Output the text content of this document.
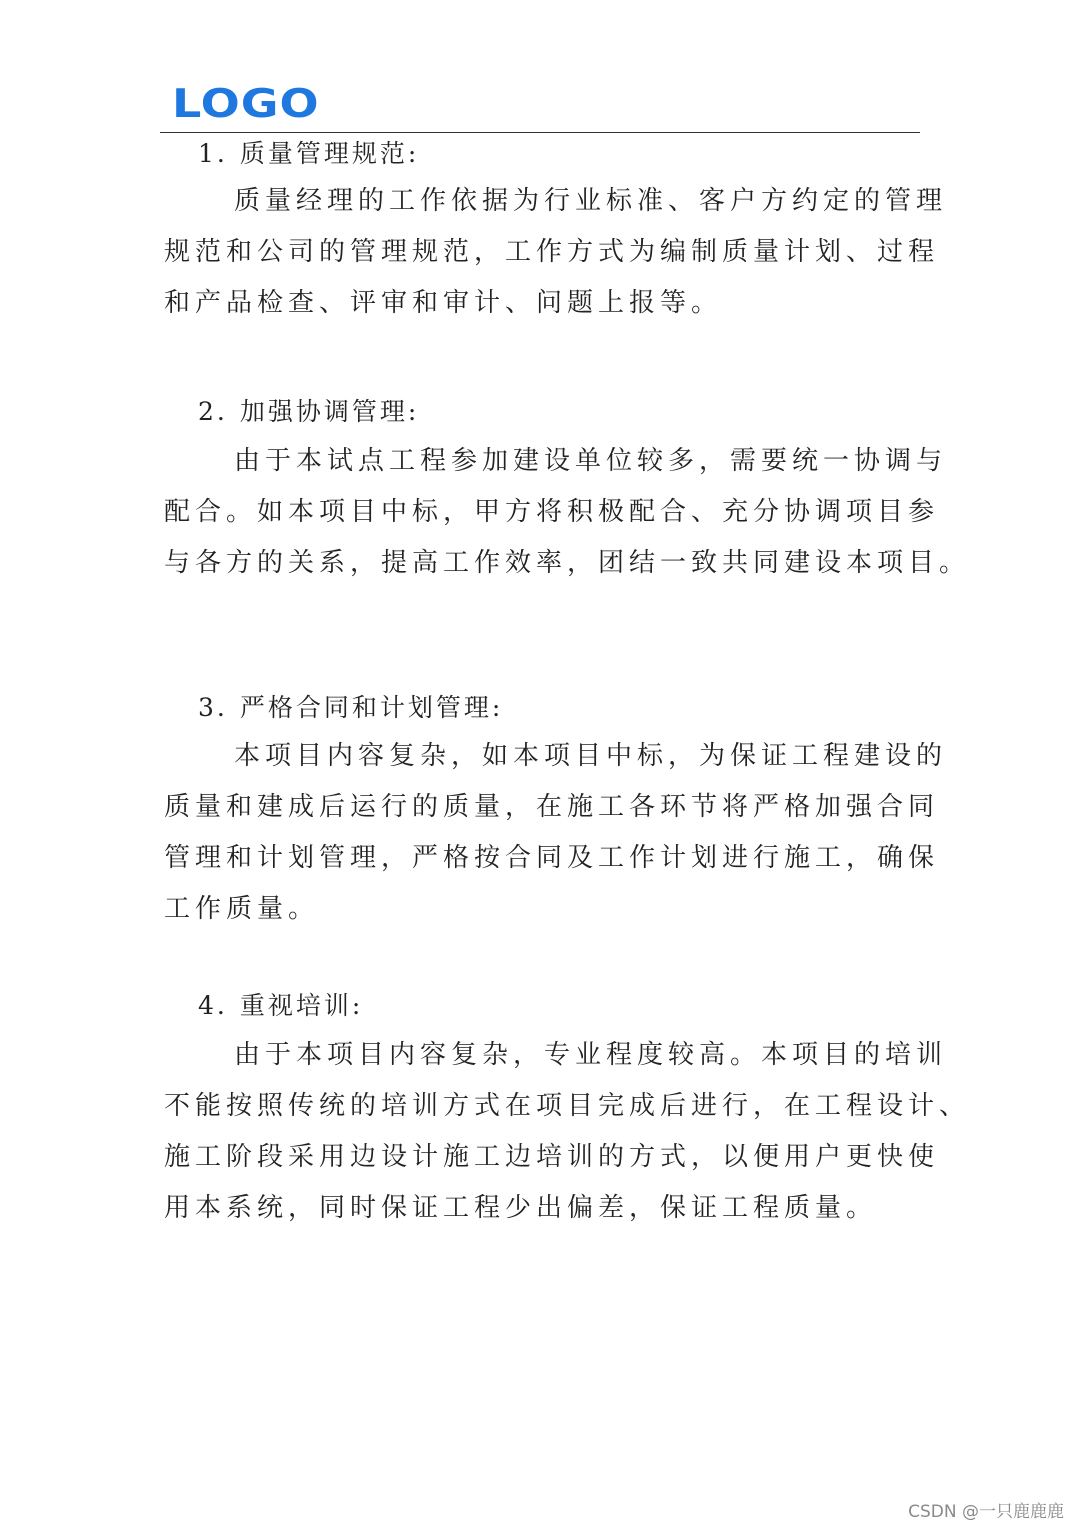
LOGO
1. 质量管理规范:
质量经理的工作依据为行业标准、客户方约定的管理
规范和公司的管理规范，工作方式为编制质量计划、过程
和产品检查、评审和审计、问题上报等。
2. 加强协调管理:
由于本试点工程参加建设单位较多，需要统一协调与
配合。如本项目中标，甲方将积极配合、充分协调项目参
与各方的关系，提高工作效率，团结一致共同建设本项目。
3. 严格合同和计划管理:
本项目内容复杂，如本项目中标，为保证工程建设的
质量和建成后运行的质量，在施工各环节将严格加强合同
管理和计划管理，严格按合同及工作计划进行施工，确保
工作质量。
4. 重视培训:
由于本项目内容复杂，专业程度较高。本项目的培训
不能按照传统的培训方式在项目完成后进行，在工程设计、
施工阶段采用边设计施工边培训的方式，以便用户更快使
用本系统，同时保证工程少出偏差，保证工程质量。
CSDN @一只鹿鹿鹿
